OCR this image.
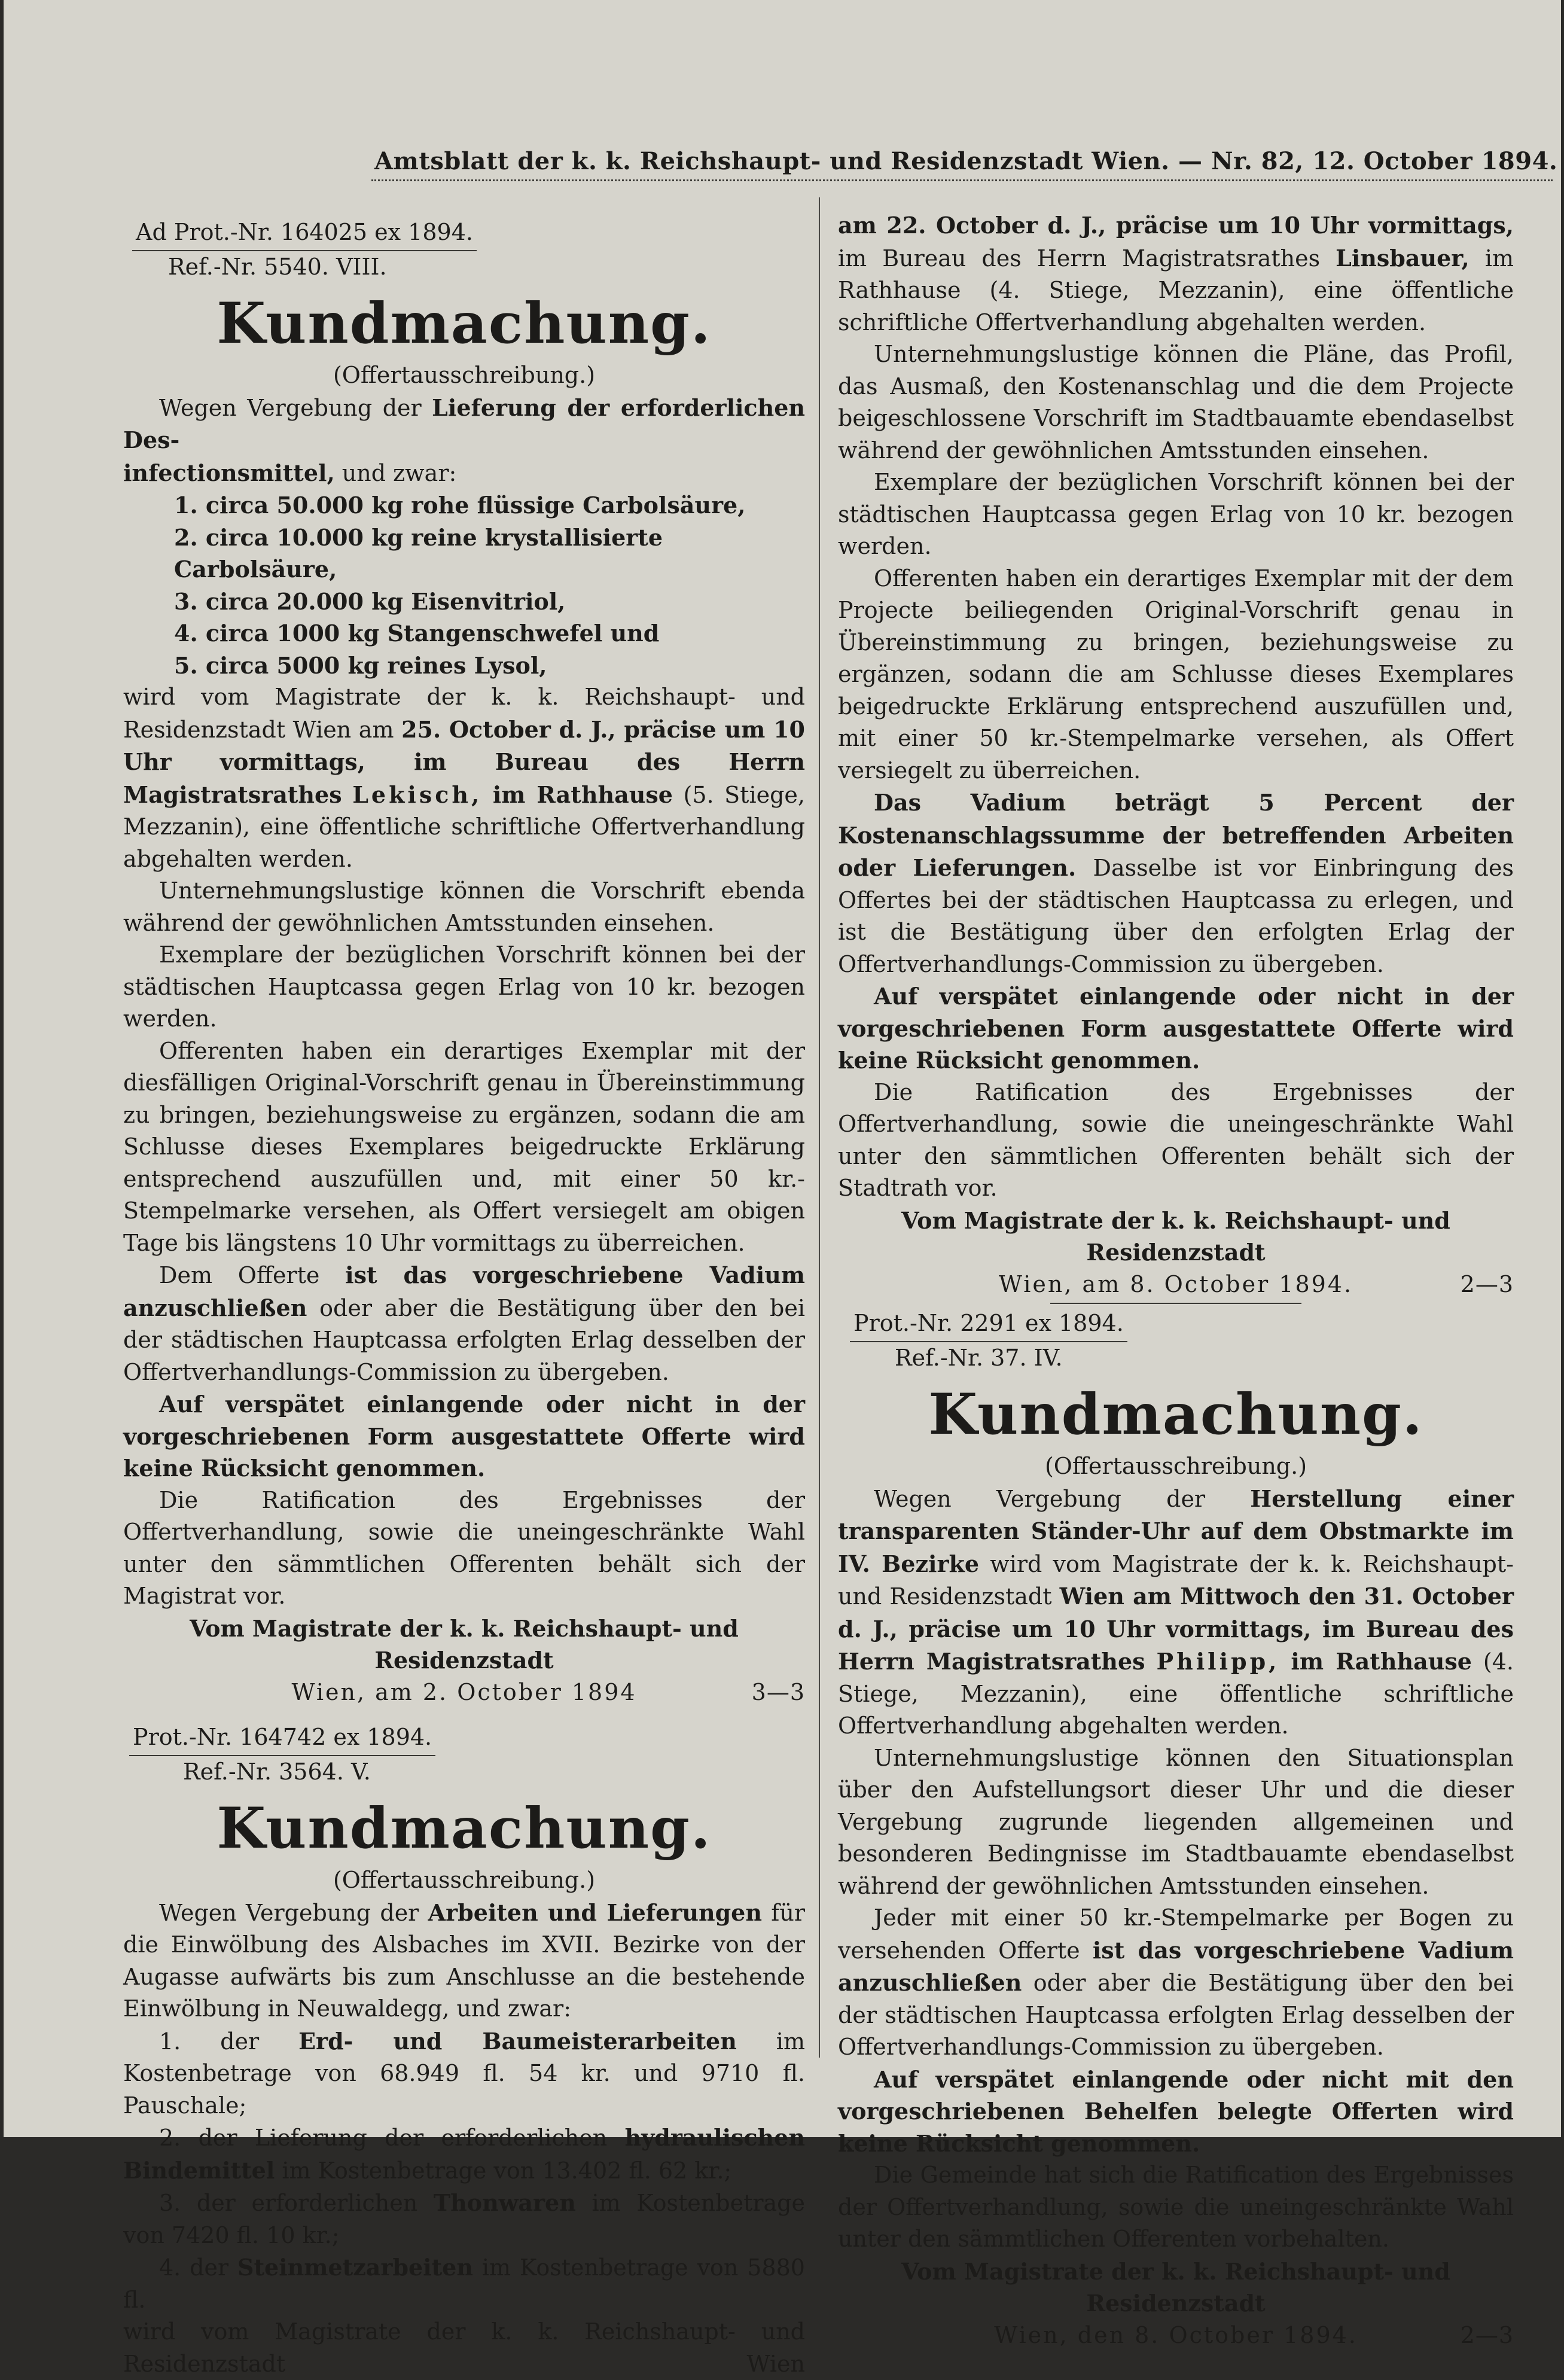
Amtsblatt der k. k. Reichshaupt- und Residenzstadt Wien. — Nr. 82, 12. October 1894.
Ad Prot.-Nr. 164025 ex 1894.
Ref.-Nr. 5540. VIII.
Kundmachung.

(Offertausschreibung.)

Wegen Vergebung der Lieferung der erforderlichen Des-

infectionsmittel, und zwar:

1. circa 50.000 kg rohe flüssige Carbolsäure,

2. circa 10.000 kg reine krystallisierte Carbolsäure,

3. circa 20.000 kg Eisenvitriol,

4. circa 1000 kg Stangenschwefel und

5. circa 5000 kg reines Lysol,

wird vom Magistrate der k. k. Reichshaupt- und Residenzstadt Wien am 25. October d. J., präcise um 10 Uhr vormittags, im Bureau des Herrn Magistratsrathes Lekisch, im Rathhause (5. Stiege, Mezzanin), eine öffentliche schriftliche Offertverhandlung abgehalten werden.

Unternehmungslustige können die Vorschrift ebenda während der gewöhnlichen Amtsstunden einsehen.

Exemplare der bezüglichen Vorschrift können bei der städtischen Hauptcassa gegen Erlag von 10 kr. bezogen werden.

Offerenten haben ein derartiges Exemplar mit der diesfälligen Original-Vorschrift genau in Übereinstimmung zu bringen, beziehungsweise zu ergänzen, sodann die am Schlusse dieses Exemplares beigedruckte Erklärung entsprechend auszufüllen und, mit einer 50 kr.-Stempelmarke versehen, als Offert versiegelt am obigen Tage bis längstens 10 Uhr vormittags zu überreichen.

Dem Offerte ist das vorgeschriebene Vadium anzuschließen oder aber die Bestätigung über den bei der städtischen Hauptcassa erfolgten Erlag desselben der Offertverhandlungs-Commission zu übergeben.

Auf verspätet einlangende oder nicht in der vorgeschriebenen Form ausgestattete Offerte wird keine Rücksicht genommen.

Die Ratification des Ergebnisses der Offertverhandlung, sowie die uneingeschränkte Wahl unter den sämmtlichen Offerenten behält sich der Magistrat vor.

Vom Magistrate der k. k. Reichshaupt- und Residenzstadt

Wien, am 2. October 1894	3—3
Prot.-Nr. 164742 ex 1894.
Ref.-Nr. 3564. V.
Kundmachung.

(Offertausschreibung.)

Wegen Vergebung der Arbeiten und Lieferungen für die Einwölbung des Alsbaches im XVII. Bezirke von der Augasse aufwärts bis zum Anschlusse an die bestehende Einwölbung in Neuwaldegg, und zwar:

1. der Erd- und Baumeisterarbeiten im Kostenbetrage von 68.949 fl. 54 kr. und 9710 fl. Pauschale;

2. der Lieferung der erforderlichen hydraulischen Bindemittel im Kostenbetrage von 13.402 fl. 62 kr.;

3. der erforderlichen Thonwaren im Kostenbetrage von 7420 fl. 10 kr.;

4. der Steinmetzarbeiten im Kostenbetrage von 5880 fl.

wird vom Magistrate der k. k. Reichshaupt- und Residenzstadt Wien

am 22. October d. J., präcise um 10 Uhr vormittags, im Bureau des Herrn Magistratsrathes Linsbauer, im Rathhause (4. Stiege, Mezzanin), eine öffentliche schriftliche Offertverhandlung abgehalten werden.

Unternehmungslustige können die Pläne, das Profil, das Ausmaß, den Kostenanschlag und die dem Projecte beigeschlossene Vorschrift im Stadtbauamte ebendaselbst während der gewöhnlichen Amtsstunden einsehen.

Exemplare der bezüglichen Vorschrift können bei der städtischen Hauptcassa gegen Erlag von 10 kr. bezogen werden.

Offerenten haben ein derartiges Exemplar mit der dem Projecte beiliegenden Original-Vorschrift genau in Übereinstimmung zu bringen, beziehungsweise zu ergänzen, sodann die am Schlusse dieses Exemplares beigedruckte Erklärung entsprechend auszufüllen und, mit einer 50 kr.-Stempelmarke versehen, als Offert versiegelt zu überreichen.

Das Vadium beträgt 5 Percent der Kostenanschlagssumme der betreffenden Arbeiten oder Lieferungen. Dasselbe ist vor Einbringung des Offertes bei der städtischen Hauptcassa zu erlegen, und ist die Bestätigung über den erfolgten Erlag der Offertverhandlungs-Commission zu übergeben.

Auf verspätet einlangende oder nicht in der vorgeschriebenen Form ausgestattete Offerte wird keine Rücksicht genommen.

Die Ratification des Ergebnisses der Offertverhandlung, sowie die uneingeschränkte Wahl unter den sämmtlichen Offerenten behält sich der Stadtrath vor.

Vom Magistrate der k. k. Reichshaupt- und Residenzstadt

Wien, am 8. October 1894.	2—3
Prot.-Nr. 2291 ex 1894.
Ref.-Nr. 37. IV.
Kundmachung.

(Offertausschreibung.)

Wegen Vergebung der Herstellung einer transparenten Ständer-Uhr auf dem Obstmarkte im IV. Bezirke wird vom Magistrate der k. k. Reichshaupt- und Residenzstadt Wien am Mittwoch den 31. October d. J., präcise um 10 Uhr vormittags, im Bureau des Herrn Magistratsrathes Philipp, im Rathhause (4. Stiege, Mezzanin), eine öffentliche schriftliche Offertverhandlung abgehalten werden.

Unternehmungslustige können den Situationsplan über den Aufstellungsort dieser Uhr und die dieser Vergebung zugrunde liegenden allgemeinen und besonderen Bedingnisse im Stadtbauamte ebendaselbst während der gewöhnlichen Amtsstunden einsehen.

Jeder mit einer 50 kr.-Stempelmarke per Bogen zu versehenden Offerte ist das vorgeschriebene Vadium anzuschließen oder aber die Bestätigung über den bei der städtischen Hauptcassa erfolgten Erlag desselben der Offertverhandlungs-Commission zu übergeben.

Auf verspätet einlangende oder nicht mit den vorgeschriebenen Behelfen belegte Offerten wird keine Rücksicht genommen.

Die Gemeinde hat sich die Ratification des Ergebnisses der Offertverhandlung, sowie die uneingeschränkte Wahl unter den sämmtlichen Offerenten vorbehalten.

Vom Magistrate der k. k. Reichshaupt- und Residenzstadt

Wien, den 8. October 1894.	2—3
